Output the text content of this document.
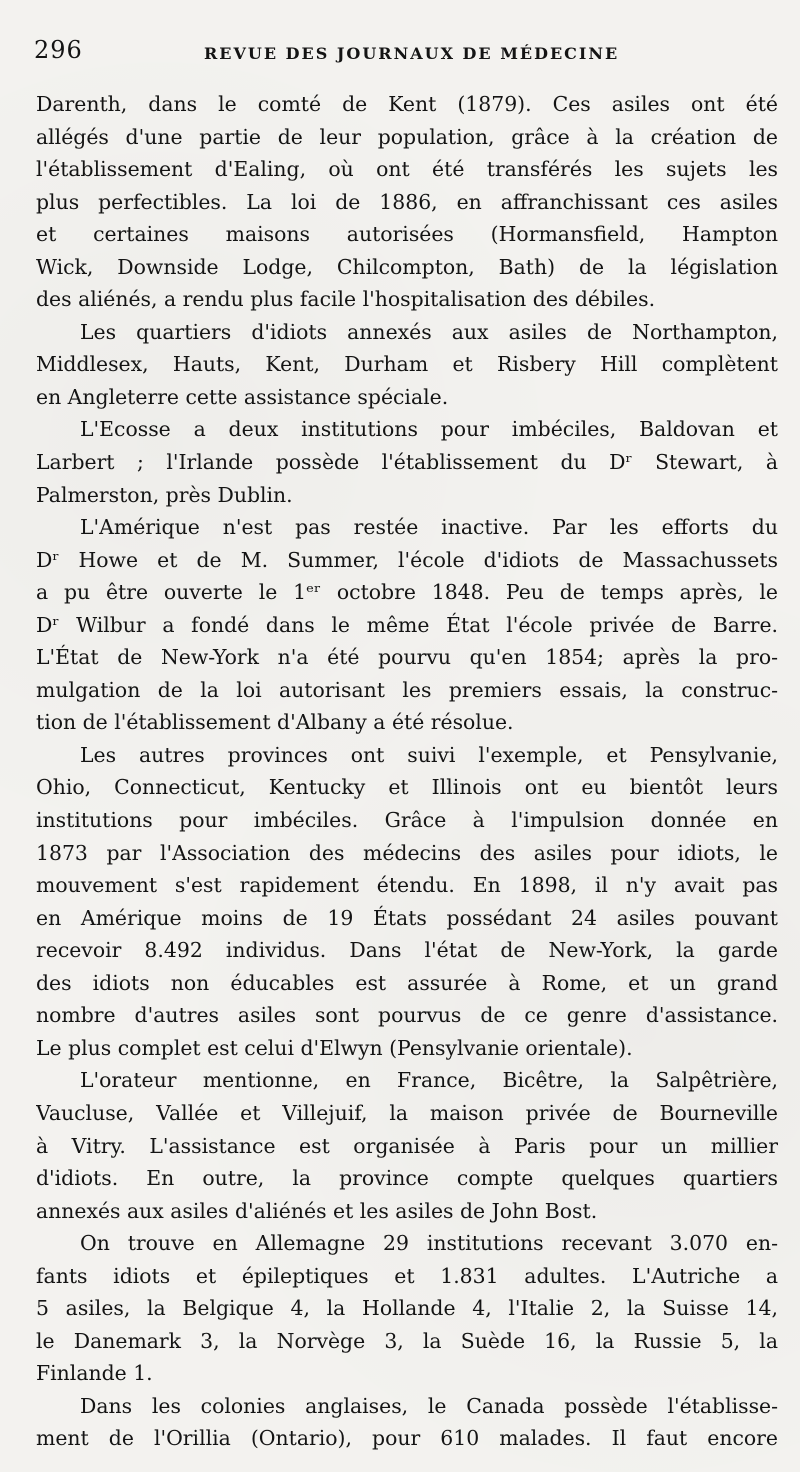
296	REVUE DES JOURNAUX DE MÉDECINE
Darenth, dans le comté de Kent (1879). Ces asiles ont été
allégés d'une partie de leur population, grâce à la création de
l'établissement d'Ealing, où ont été transférés les sujets les
plus perfectibles. La loi de 1886, en affranchissant ces asiles
et certaines maisons autorisées (Hormansfield, Hampton
Wick, Downside Lodge, Chilcompton, Bath) de la législation
des aliénés, a rendu plus facile l'hospitalisation des débiles.
Les quartiers d'idiots annexés aux asiles de Northampton,
Middlesex, Hauts, Kent, Durham et Risbery Hill complètent
en Angleterre cette assistance spéciale.
L'Ecosse a deux institutions pour imbéciles, Baldovan et
Larbert ; l'Irlande possède l'établissement du Dʳ Stewart, à
Palmerston, près Dublin.
L'Amérique n'est pas restée inactive. Par les efforts du
Dʳ Howe et de M. Summer, l'école d'idiots de Massachussets
a pu être ouverte le 1ᵉʳ octobre 1848. Peu de temps après, le
Dʳ Wilbur a fondé dans le même État l'école privée de Barre.
L'État de New-York n'a été pourvu qu'en 1854; après la pro-
mulgation de la loi autorisant les premiers essais, la construc-
tion de l'établissement d'Albany a été résolue.
Les autres provinces ont suivi l'exemple, et Pensylvanie,
Ohio, Connecticut, Kentucky et Illinois ont eu bientôt leurs
institutions pour imbéciles. Grâce à l'impulsion donnée en
1873 par l'Association des médecins des asiles pour idiots, le
mouvement s'est rapidement étendu. En 1898, il n'y avait pas
en Amérique moins de 19 États possédant 24 asiles pouvant
recevoir 8.492 individus. Dans l'état de New-York, la garde
des idiots non éducables est assurée à Rome, et un grand
nombre d'autres asiles sont pourvus de ce genre d'assistance.
Le plus complet est celui d'Elwyn (Pensylvanie orientale).
L'orateur mentionne, en France, Bicêtre, la Salpêtrière,
Vaucluse, Vallée et Villejuif, la maison privée de Bourneville
à Vitry. L'assistance est organisée à Paris pour un millier
d'idiots. En outre, la province compte quelques quartiers
annexés aux asiles d'aliénés et les asiles de John Bost.
On trouve en Allemagne 29 institutions recevant 3.070 en-
fants idiots et épileptiques et 1.831 adultes. L'Autriche a
5 asiles, la Belgique 4, la Hollande 4, l'Italie 2, la Suisse 14,
le Danemark 3, la Norvège 3, la Suède 16, la Russie 5, la
Finlande 1.
Dans les colonies anglaises, le Canada possède l'établisse-
ment de l'Orillia (Ontario), pour 610 malades. Il faut encore
